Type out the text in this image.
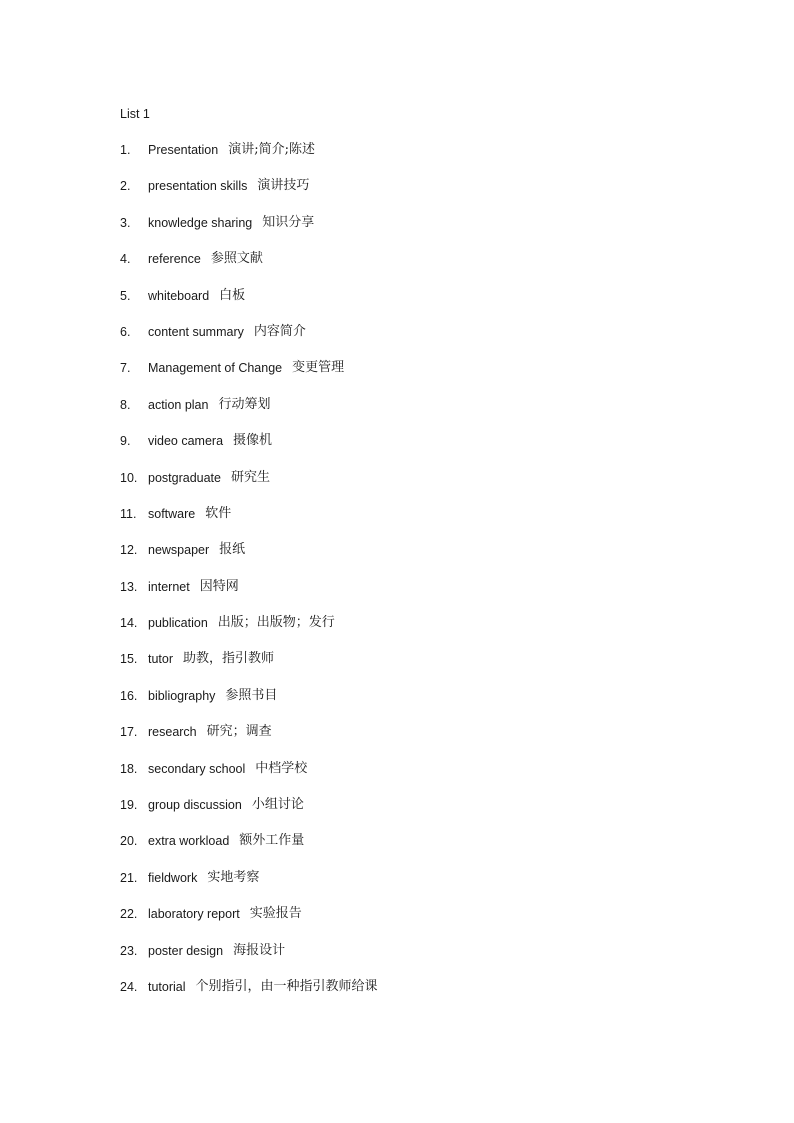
List 1
1.	Presentation 演讲;简介;陈述
2.	presentation skills 演讲技巧
3.	knowledge sharing 知识分享
4.	reference 参照文献
5.	whiteboard 白板
6.	content summary 内容简介
7.	Management of Change 变更管理
8.	action plan 行动筹划
9.	video camera 摄像机
10. postgraduate 研究生
11. software 软件
12. newspaper 报纸
13. internet 因特网
14. publication 出版；出版物；发行
15. tutor 助教，指引教师
16. bibliography 参照书目
17. research 研究；调查
18. secondary school 中档学校
19. group discussion 小组讨论
20. extra workload 额外工作量
21. fieldwork 实地考察
22. laboratory report 实验报告
23. poster design 海报设计
24. tutorial 个别指引，由一种指引教师给课
